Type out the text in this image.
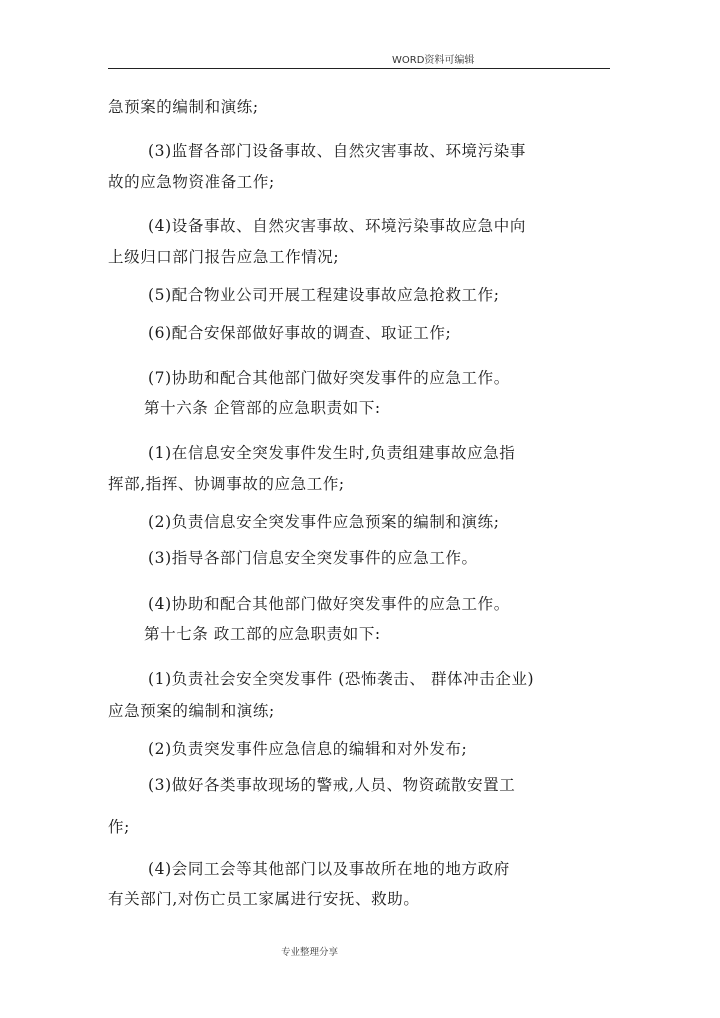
WORD资料可编辑
急预案的编制和演练;
(3)监督各部门设备事故、自然灾害事故、环境污染事
故的应急物资准备工作;
(4)设备事故、自然灾害事故、环境污染事故应急中向
上级归口部门报告应急工作情况;
(5)配合物业公司开展工程建设事故应急抢救工作;
(6)配合安保部做好事故的调查、取证工作;
(7)协助和配合其他部门做好突发事件的应急工作。
第十六条 企管部的应急职责如下:
(1)在信息安全突发事件发生时,负责组建事故应急指
挥部,指挥、协调事故的应急工作;
(2)负责信息安全突发事件应急预案的编制和演练;
(3)指导各部门信息安全突发事件的应急工作。
(4)协助和配合其他部门做好突发事件的应急工作。
第十七条 政工部的应急职责如下:
(1)负责社会安全突发事件 (恐怖袭击、 群体冲击企业)
应急预案的编制和演练;
(2)负责突发事件应急信息的编辑和对外发布;
(3)做好各类事故现场的警戒,人员、物资疏散安置工
作;
(4)会同工会等其他部门以及事故所在地的地方政府
有关部门,对伤亡员工家属进行安抚、救助。
专业整理分享
